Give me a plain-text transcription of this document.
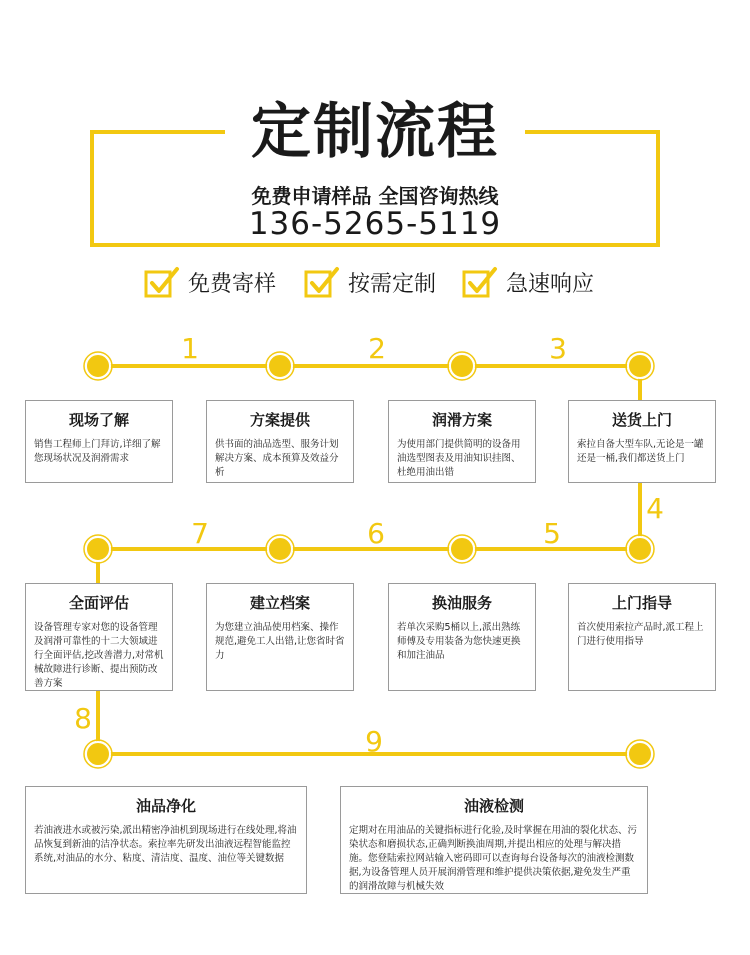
定制流程
免费申请样品 全国咨询热线
136-5265-5119
免费寄样	按需定制	急速响应
1	2	3
4
5
6
7
8
9
现场了解
销售工程师上门拜访,详细了解您现场状况及润滑需求
方案提供
供书面的油品选型、服务计划解决方案、成本预算及效益分析
润滑方案
为使用部门提供简明的设备用油选型图表及用油知识挂图、杜绝用油出错
送货上门
索拉自备大型车队,无论是一罐还是一桶,我们都送货上门
全面评估
设备管理专家对您的设备管理及润滑可靠性的十二大领域进行全面评估,挖改善潜力,对常机械故障进行诊断、提出预防改善方案
建立档案
为您建立油品使用档案、操作规范,避免工人出错,让您省时省力
换油服务
若单次采购5桶以上,派出熟练师傅及专用装备为您快速更换和加注油品
上门指导
首次使用索拉产品时,派工程上门进行使用指导
油品净化
若油液进水或被污染,派出精密净油机到现场进行在线处理,将油品恢复到新油的洁净状态。索拉率先研发出油液远程智能监控系统,对油品的水分、粘度、清洁度、温度、油位等关键数据
油液检测
定期对在用油品的关键指标进行化验,及时掌握在用油的裂化状态、污染状态和磨损状态,正确判断换油周期,并提出相应的处理与解决措施。您登陆索拉网站输入密码即可以查询每台设备每次的油液检测数据,为设备管理人员开展润滑管理和维护提供决策依据,避免发生严重的润滑故障与机械失效
